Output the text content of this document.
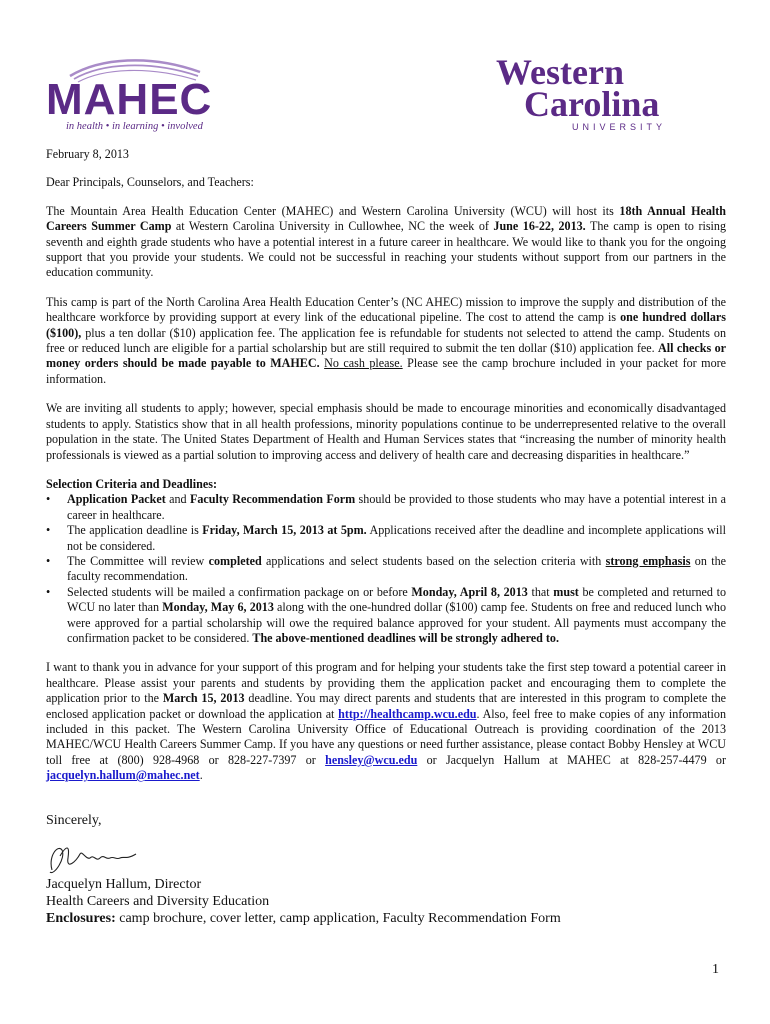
MAHEC
in health • in learning • involved
Western
Carolina
UNIVERSITY

February 8, 2013

Dear Principals, Counselors, and Teachers:

The Mountain Area Health Education Center (MAHEC) and Western Carolina University (WCU) will host its 18th Annual Health Careers Summer Camp at Western Carolina University in Cullowhee, NC the week of June 16-22, 2013. The camp is open to rising seventh and eighth grade students who have a potential interest in a future career in healthcare. We would like to thank you for the ongoing support that you provide your students. We could not be successful in reaching your students without support from our partners in the education community.

This camp is part of the North Carolina Area Health Education Center’s (NC AHEC) mission to improve the supply and distribution of the healthcare workforce by providing support at every link of the educational pipeline. The cost to attend the camp is one hundred dollars ($100), plus a ten dollar ($10) application fee. The application fee is refundable for students not selected to attend the camp. Students on free or reduced lunch are eligible for a partial scholarship but are still required to submit the ten dollar ($10) application fee. All checks or money orders should be made payable to MAHEC. No cash please. Please see the camp brochure included in your packet for more information.

We are inviting all students to apply; however, special emphasis should be made to encourage minorities and economically disadvantaged students to apply. Statistics show that in all health professions, minority populations continue to be underrepresented relative to the overall population in the state. The United States Department of Health and Human Services states that “increasing the number of minority health professionals is viewed as a partial solution to improving access and delivery of health care and decreasing disparities in healthcare.”

Selection Criteria and Deadlines:

•	Application Packet and Faculty Recommendation Form should be provided to those students who may have a potential interest in a career in healthcare.
•	The application deadline is Friday, March 15, 2013 at 5pm. Applications received after the deadline and incomplete applications will not be considered.
•	The Committee will review completed applications and select students based on the selection criteria with strong emphasis on the faculty recommendation.
•	Selected students will be mailed a confirmation package on or before Monday, April 8, 2013 that must be completed and returned to WCU no later than Monday, May 6, 2013 along with the one-hundred dollar ($100) camp fee. Students on free and reduced lunch who were approved for a partial scholarship will owe the required balance approved for your student. All payments must accompany the confirmation packet to be considered. The above-mentioned deadlines will be strongly adhered to.

I want to thank you in advance for your support of this program and for helping your students take the first step toward a potential career in healthcare. Please assist your parents and students by providing them the application packet and encouraging them to complete the application prior to the March 15, 2013 deadline. You may direct parents and students that are interested in this program to complete the enclosed application packet or download the application at http://healthcamp.wcu.edu. Also, feel free to make copies of any information included in this packet. The Western Carolina University Office of Educational Outreach is providing coordination of the 2013 MAHEC/WCU Health Careers Summer Camp. If you have any questions or need further assistance, please contact Bobby Hensley at WCU toll free at (800) 928-4968 or 828-227-7397 or hensley@wcu.edu or Jacquelyn Hallum at MAHEC at 828-257-4479 or jacquelyn.hallum@mahec.net.

Sincerely,
Jacquelyn Hallum, Director
Health Careers and Diversity Education
Enclosures: camp brochure, cover letter, camp application, Faculty Recommendation Form
1
